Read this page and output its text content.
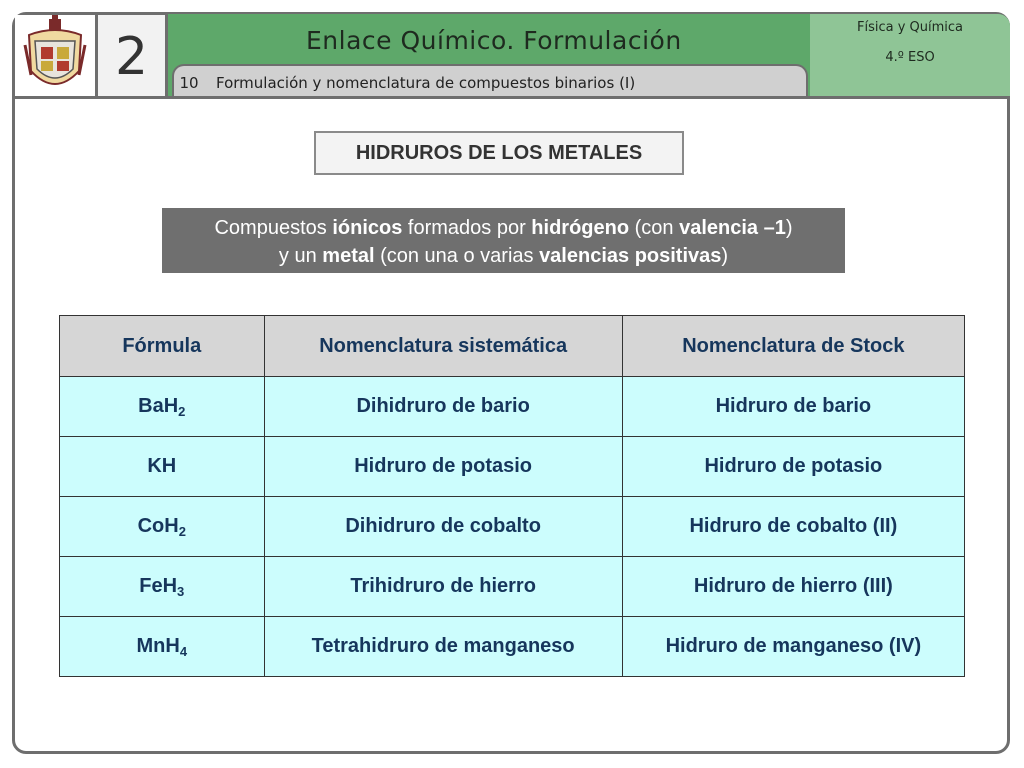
2	Enlace Químico. Formulación
10	Formulación y nomenclatura de compuestos binarios (I)
Física y Química
4.º ESO
HIDRUROS DE LOS METALES
Compuestos iónicos formados por hidrógeno (con valencia –1)
y un metal (con una o varias valencias positivas)
Fórmula	Nomenclatura sistemática	Nomenclatura de Stock
BaH$_2$	Dihidruro de bario	Hidruro de bario
KH	Hidruro de potasio	Hidruro de potasio
CoH$_2$	Dihidruro de cobalto	Hidruro de cobalto (II)
FeH$_3$	Trihidruro de hierro	Hidruro de hierro (III)
MnH$_4$	Tetrahidruro de manganeso	Hidruro de manganeso (IV)
